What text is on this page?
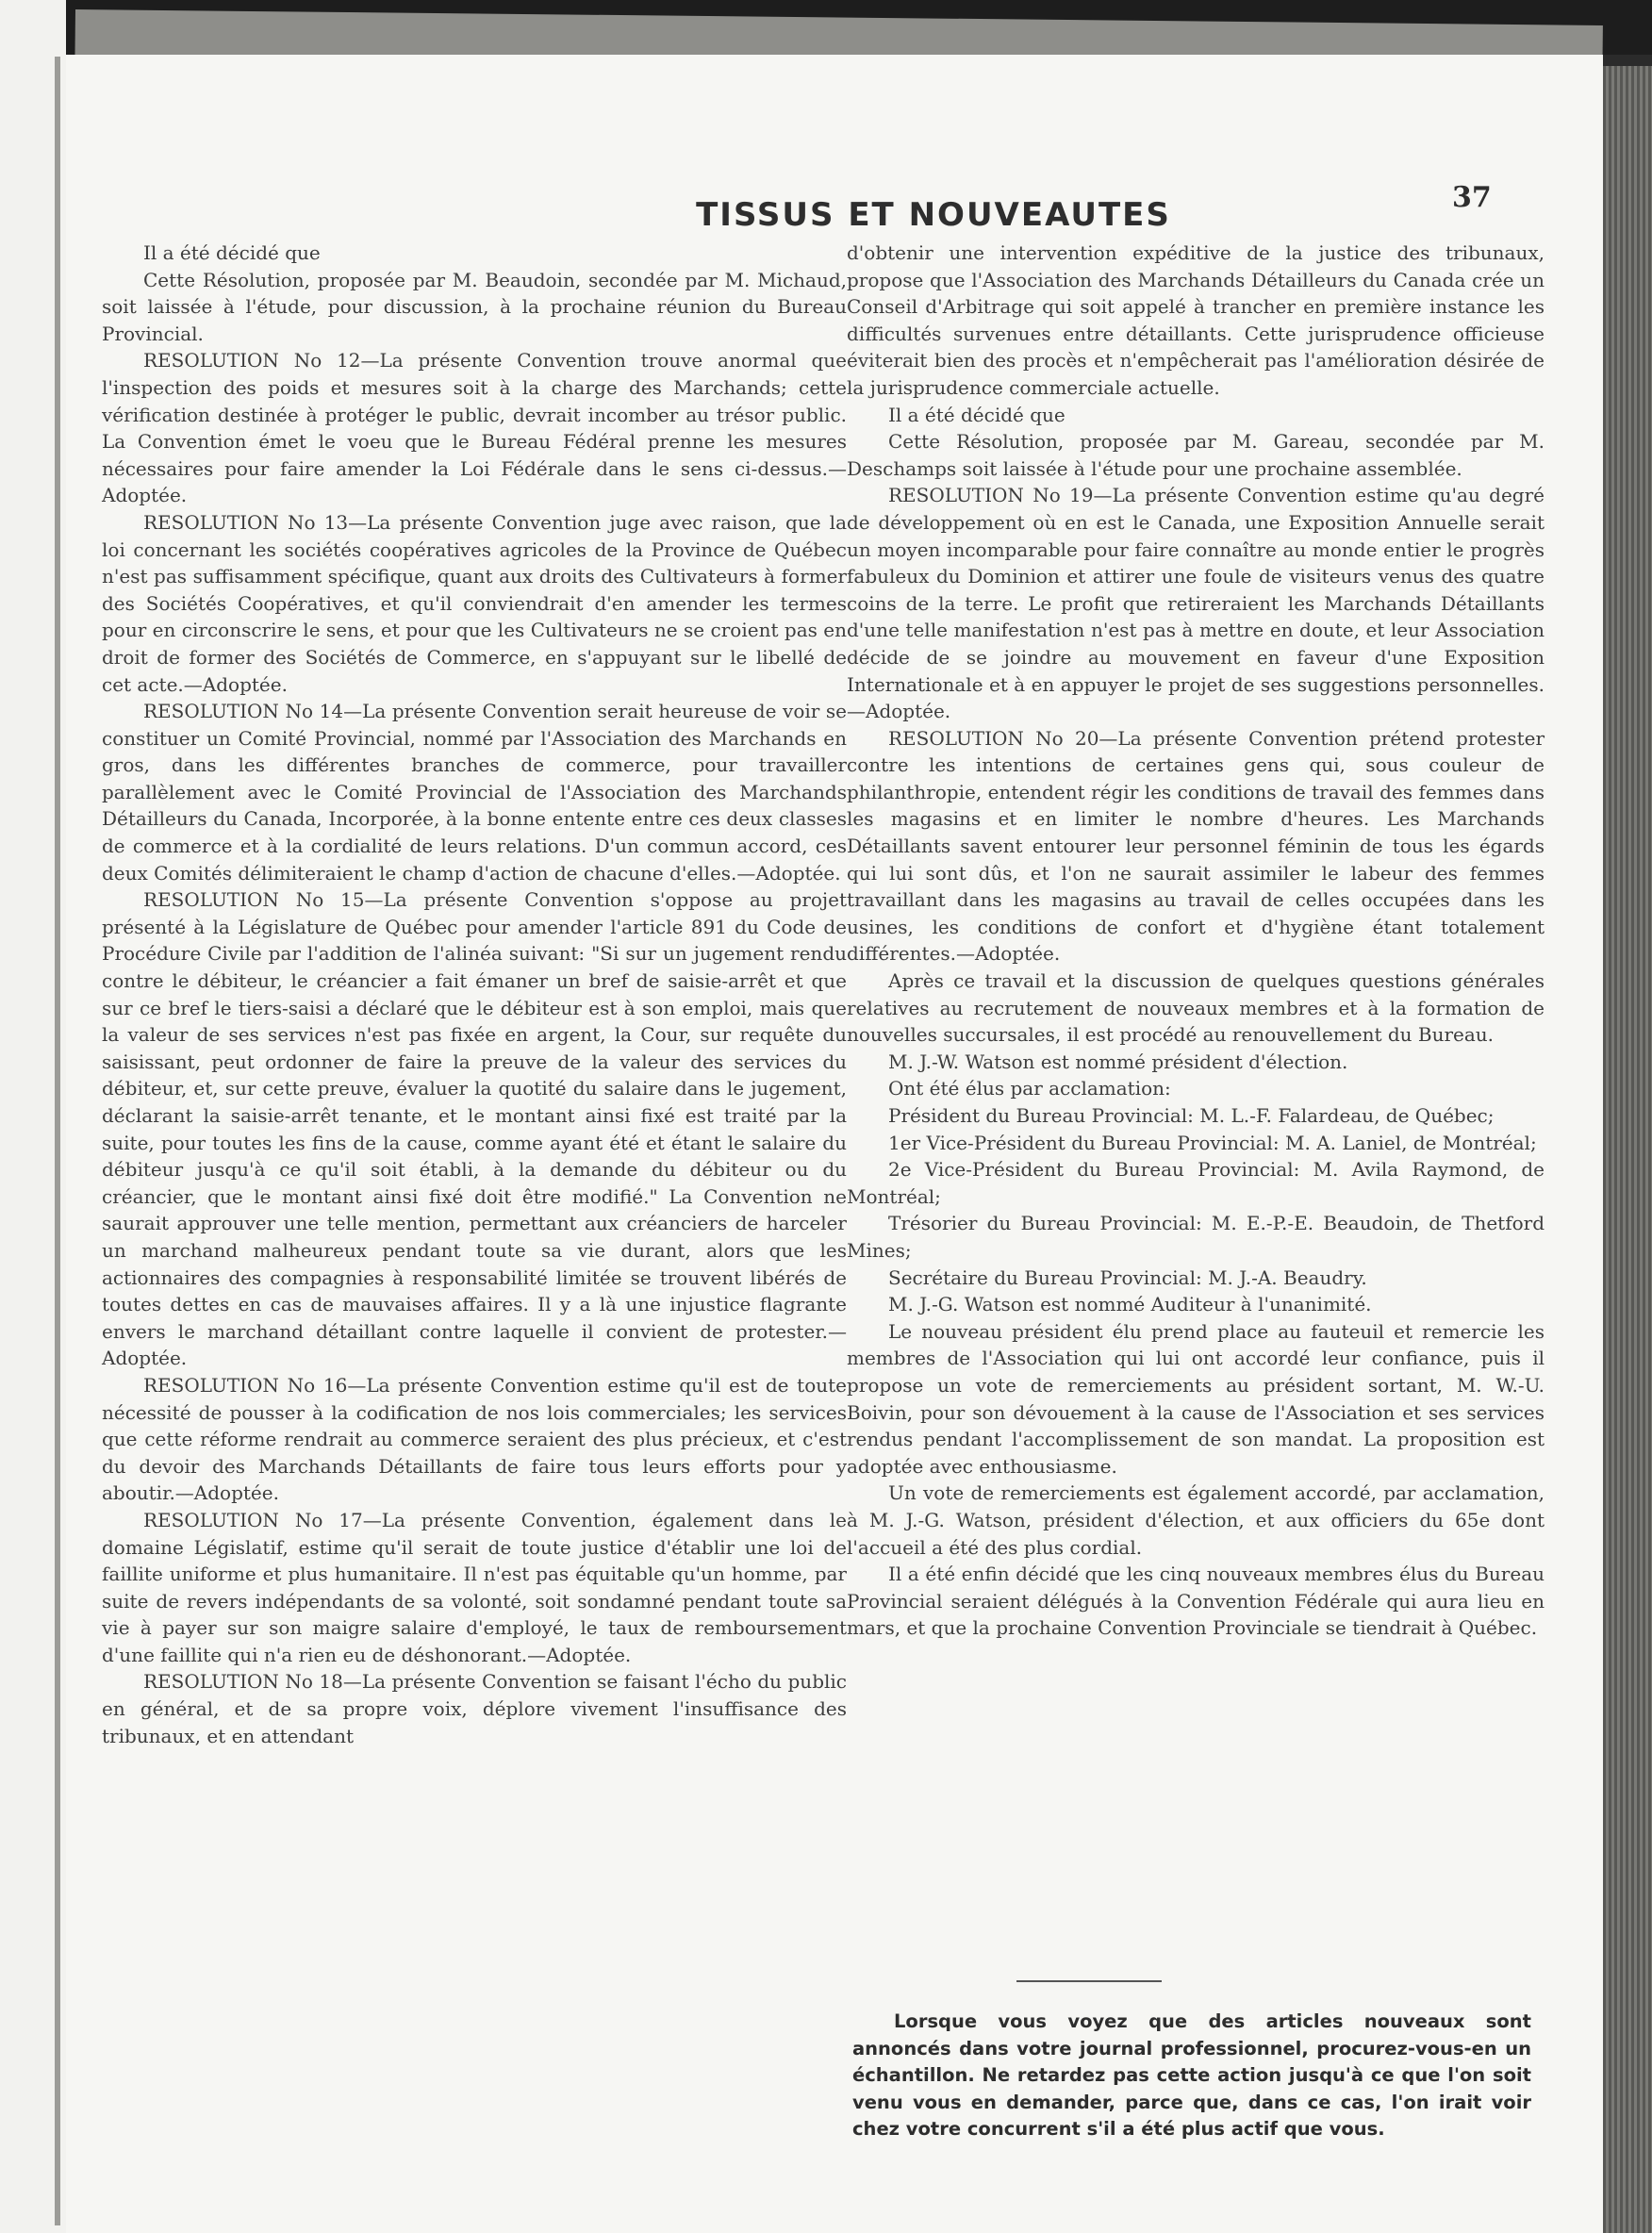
TISSUS ET NOUVEAUTES	37

Il a été décidé que

Cette Résolution, proposée par M. Beaudoin, secondée par M. Michaud, soit laissée à l'étude, pour discussion, à la prochaine réunion du Bureau Provincial.

RESOLUTION No 12—La présente Convention trouve anormal que l'inspection des poids et mesures soit à la charge des Marchands; cette vérification destinée à protéger le public, devrait incomber au trésor public. La Convention émet le voeu que le Bureau Fédéral prenne les mesures nécessaires pour faire amender la Loi Fédérale dans le sens ci-dessus.—Adoptée.

RESOLUTION No 13—La présente Convention juge avec raison, que la loi concernant les sociétés coopératives agricoles de la Province de Québec n'est pas suffisamment spécifique, quant aux droits des Cultivateurs à former des Sociétés Coopératives, et qu'il conviendrait d'en amender les termes pour en circonscrire le sens, et pour que les Cultivateurs ne se croient pas en droit de former des Sociétés de Commerce, en s'appuyant sur le libellé de cet acte.—Adoptée.

RESOLUTION No 14—La présente Convention serait heureuse de voir se constituer un Comité Provincial, nommé par l'Association des Marchands en gros, dans les différentes branches de commerce, pour travailler parallèlement avec le Comité Provincial de l'Association des Marchands Détailleurs du Canada, Incorporée, à la bonne entente entre ces deux classes de commerce et à la cordialité de leurs relations. D'un commun accord, ces deux Comités délimiteraient le champ d'action de chacune d'elles.—Adoptée.

RESOLUTION No 15—La présente Convention s'oppose au projet présenté à la Législature de Québec pour amender l'article 891 du Code de Procédure Civile par l'addition de l'alinéa suivant: "Si sur un jugement rendu contre le débiteur, le créancier a fait émaner un bref de saisie-arrêt et que sur ce bref le tiers-saisi a déclaré que le débiteur est à son emploi, mais que la valeur de ses services n'est pas fixée en argent, la Cour, sur requête du saisissant, peut ordonner de faire la preuve de la valeur des services du débiteur, et, sur cette preuve, évaluer la quotité du salaire dans le jugement, déclarant la saisie-arrêt tenante, et le montant ainsi fixé est traité par la suite, pour toutes les fins de la cause, comme ayant été et étant le salaire du débiteur jusqu'à ce qu'il soit établi, à la demande du débiteur ou du créancier, que le montant ainsi fixé doit être modifié." La Convention ne saurait approuver une telle mention, permettant aux créanciers de harceler un marchand malheureux pendant toute sa vie durant, alors que les actionnaires des compagnies à responsabilité limitée se trouvent libérés de toutes dettes en cas de mauvaises affaires. Il y a là une injustice flagrante envers le marchand détaillant contre laquelle il convient de protester.—Adoptée.

RESOLUTION No 16—La présente Convention estime qu'il est de toute nécessité de pousser à la codification de nos lois commerciales; les services que cette réforme rendrait au commerce seraient des plus précieux, et c'est du devoir des Marchands Détaillants de faire tous leurs efforts pour y aboutir.—Adoptée.

RESOLUTION No 17—La présente Convention, également dans le domaine Législatif, estime qu'il serait de toute justice d'établir une loi de faillite uniforme et plus humanitaire. Il n'est pas équitable qu'un homme, par suite de revers indépendants de sa volonté, soit sondamné pendant toute sa vie à payer sur son maigre salaire d'employé, le taux de remboursement d'une faillite qui n'a rien eu de déshonorant.—Adoptée.

RESOLUTION No 18—La présente Convention se faisant l'écho du public en général, et de sa propre voix, déplore vivement l'insuffisance des tribunaux, et en attendant

d'obtenir une intervention expéditive de la justice des tribunaux, propose que l'Association des Marchands Détailleurs du Canada crée un Conseil d'Arbitrage qui soit appelé à trancher en première instance les difficultés survenues entre détaillants. Cette jurisprudence officieuse éviterait bien des procès et n'empêcherait pas l'amélioration désirée de la jurisprudence commerciale actuelle.

Il a été décidé que

Cette Résolution, proposée par M. Gareau, secondée par M. Deschamps soit laissée à l'étude pour une prochaine assemblée.

RESOLUTION No 19—La présente Convention estime qu'au degré de développement où en est le Canada, une Exposition Annuelle serait un moyen incomparable pour faire connaître au monde entier le progrès fabuleux du Dominion et attirer une foule de visiteurs venus des quatre coins de la terre. Le profit que retireraient les Marchands Détaillants d'une telle manifestation n'est pas à mettre en doute, et leur Association décide de se joindre au mouvement en faveur d'une Exposition Internationale et à en appuyer le projet de ses suggestions personnelles.—Adoptée.

RESOLUTION No 20—La présente Convention prétend protester contre les intentions de certaines gens qui, sous couleur de philanthropie, entendent régir les conditions de travail des femmes dans les magasins et en limiter le nombre d'heures. Les Marchands Détaillants savent entourer leur personnel féminin de tous les égards qui lui sont dûs, et l'on ne saurait assimiler le labeur des femmes travaillant dans les magasins au travail de celles occupées dans les usines, les conditions de confort et d'hygiène étant totalement différentes.—Adoptée.

Après ce travail et la discussion de quelques questions générales relatives au recrutement de nouveaux membres et à la formation de nouvelles succursales, il est procédé au renouvellement du Bureau.

M. J.-W. Watson est nommé président d'élection.

Ont été élus par acclamation:

Président du Bureau Provincial: M. L.-F. Falardeau, de Québec;

1er Vice-Président du Bureau Provincial: M. A. Laniel, de Montréal;

2e Vice-Président du Bureau Provincial: M. Avila Raymond, de Montréal;

Trésorier du Bureau Provincial: M. E.-P.-E. Beaudoin, de Thetford Mines;

Secrétaire du Bureau Provincial: M. J.-A. Beaudry.

M. J.-G. Watson est nommé Auditeur à l'unanimité.

Le nouveau président élu prend place au fauteuil et remercie les membres de l'Association qui lui ont accordé leur confiance, puis il propose un vote de remerciements au président sortant, M. W.-U. Boivin, pour son dévouement à la cause de l'Association et ses services rendus pendant l'accomplissement de son mandat. La proposition est adoptée avec enthousiasme.

Un vote de remerciements est également accordé, par acclamation, à M. J.-G. Watson, président d'élection, et aux officiers du 65e dont l'accueil a été des plus cordial.

Il a été enfin décidé que les cinq nouveaux membres élus du Bureau Provincial seraient délégués à la Convention Fédérale qui aura lieu en mars, et que la prochaine Convention Provinciale se tiendrait à Québec.

Lorsque vous voyez que des articles nouveaux sont annoncés dans votre journal professionnel, procurez-vous-en un échantillon. Ne retardez pas cette action jusqu'à ce que l'on soit venu vous en demander, parce que, dans ce cas, l'on irait voir chez votre concurrent s'il a été plus actif que vous.
